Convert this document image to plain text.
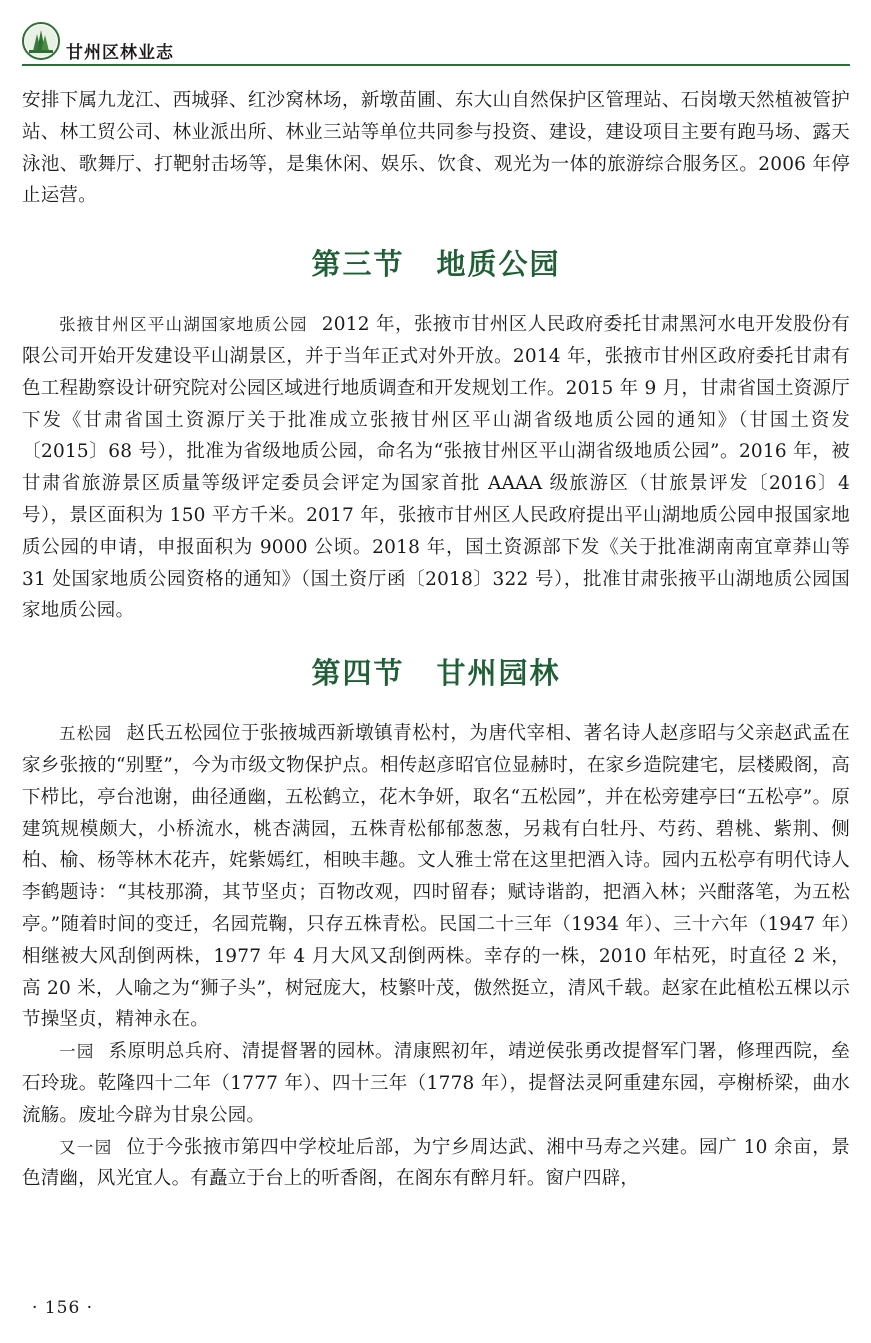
甘州区林业志

安排下属九龙江、西城驿、红沙窝林场，新墩苗圃、东大山自然保护区管理站、石岗墩天然植被管护站、林工贸公司、林业派出所、林业三站等单位共同参与投资、建设，建设项目主要有跑马场、露天泳池、歌舞厅、打靶射击场等，是集休闲、娱乐、饮食、观光为一体的旅游综合服务区。2006 年停止运营。

第三节 地质公园

张掖甘州区平山湖国家地质公园 2012 年，张掖市甘州区人民政府委托甘肃黑河水电开发股份有限公司开始开发建设平山湖景区，并于当年正式对外开放。2014 年，张掖市甘州区政府委托甘肃有色工程勘察设计研究院对公园区域进行地质调查和开发规划工作。2015 年 9 月，甘肃省国土资源厅下发《甘肃省国土资源厅关于批准成立张掖甘州区平山湖省级地质公园的通知》（甘国土资发〔2015〕68 号），批准为省级地质公园，命名为“张掖甘州区平山湖省级地质公园”。2016 年，被甘肃省旅游景区质量等级评定委员会评定为国家首批 AAAA 级旅游区（甘旅景评发〔2016〕4 号），景区面积为 150 平方千米。2017 年，张掖市甘州区人民政府提出平山湖地质公园申报国家地质公园的申请，申报面积为 9000 公顷。2018 年，国土资源部下发《关于批准湖南南宜章莽山等 31 处国家地质公园资格的通知》（国土资厅函〔2018〕322 号），批准甘肃张掖平山湖地质公园国家地质公园。

第四节 甘州园林

五松园 赵氏五松园位于张掖城西新墩镇青松村，为唐代宰相、著名诗人赵彦昭与父亲赵武孟在家乡张掖的“别墅”，今为市级文物保护点。相传赵彦昭官位显赫时，在家乡造院建宅，层楼殿阁，高下栉比，亭台池谢，曲径通幽，五松鹤立，花木争妍，取名“五松园”，并在松旁建亭曰“五松亭”。原建筑规模颇大，小桥流水，桃杏满园，五株青松郁郁葱葱，另栽有白牡丹、芍药、碧桃、紫荆、侧柏、榆、杨等林木花卉，姹紫嫣红，相映丰趣。文人雅士常在这里把酒入诗。园内五松亭有明代诗人李鹤题诗：“其枝那漪，其节坚贞；百物改观，四时留春；赋诗谐韵，把酒入林；兴酣落笔，为五松亭。”随着时间的变迁，名园荒鞠，只存五株青松。民国二十三年（1934 年）、三十六年（1947 年）相继被大风刮倒两株，1977 年 4 月大风又刮倒两株。幸存的一株，2010 年枯死，时直径 2 米，高 20 米，人喻之为“狮子头”，树冠庞大，枝繁叶茂，傲然挺立，清风千载。赵家在此植松五棵以示节操坚贞，精神永在。

一园 系原明总兵府、清提督署的园林。清康熙初年，靖逆侯张勇改提督军门署，修理西院，垒石玲珑。乾隆四十二年（1777 年）、四十三年（1778 年），提督法灵阿重建东园，亭榭桥梁，曲水流觞。废址今辟为甘泉公园。

又一园 位于今张掖市第四中学校址后部，为宁乡周达武、湘中马寿之兴建。园广 10 余亩，景色清幽，风光宜人。有矗立于台上的听香阁，在阁东有醉月轩。窗户四辟，

· 156 ·
